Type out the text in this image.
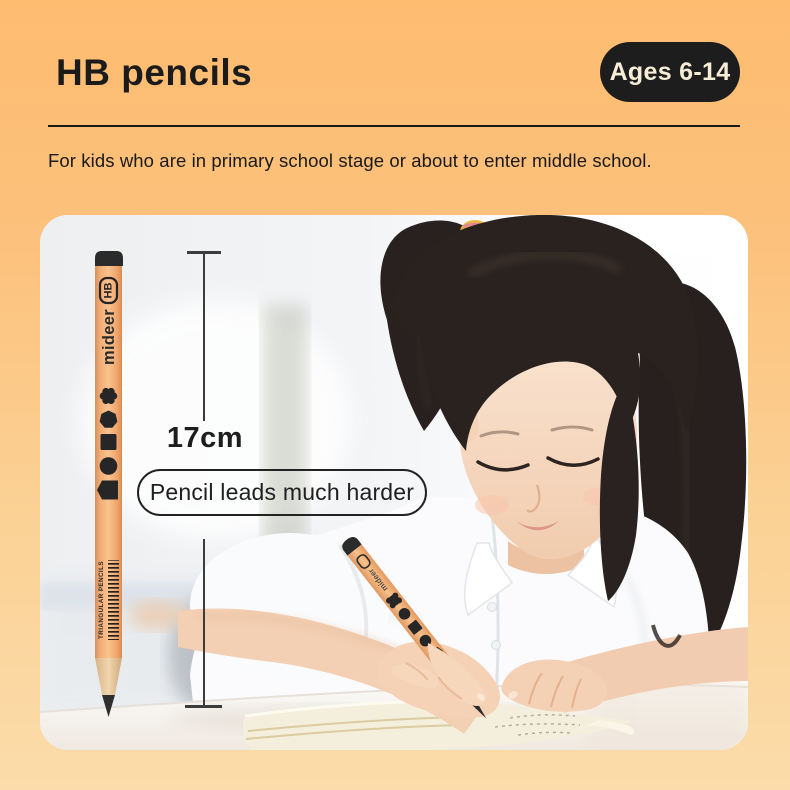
HB pencils	Ages 6-14

For kids who are in primary school stage or about to enter middle school.

mideer
HB
mideer
TRIANGULAR PENCILS
17cm
Pencil leads much harder
